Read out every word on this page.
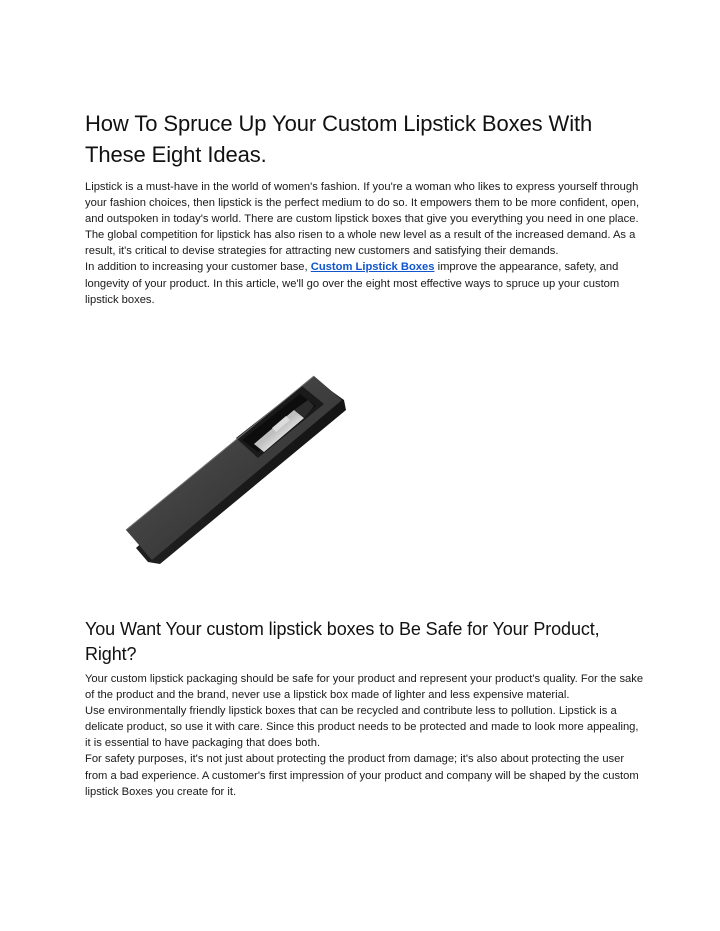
How To Spruce Up Your Custom Lipstick Boxes With These Eight Ideas.

Lipstick is a must-have in the world of women's fashion. If you're a woman who likes to express yourself through your fashion choices, then lipstick is the perfect medium to do so. It empowers them to be more confident, open, and outspoken in today's world. There are custom lipstick boxes that give you everything you need in one place.

The global competition for lipstick has also risen to a whole new level as a result of the increased demand. As a result, it's critical to devise strategies for attracting new customers and satisfying their demands.

In addition to increasing your customer base, Custom Lipstick Boxes improve the appearance, safety, and longevity of your product. In this article, we'll go over the eight most effective ways to spruce up your custom lipstick boxes.

You Want Your custom lipstick boxes to Be Safe for Your Product, Right?

Your custom lipstick packaging should be safe for your product and represent your product's quality. For the sake of the product and the brand, never use a lipstick box made of lighter and less expensive material.

Use environmentally friendly lipstick boxes that can be recycled and contribute less to pollution. Lipstick is a delicate product, so use it with care. Since this product needs to be protected and made to look more appealing, it is essential to have packaging that does both.

For safety purposes, it's not just about protecting the product from damage; it's also about protecting the user from a bad experience. A customer's first impression of your product and company will be shaped by the custom lipstick Boxes you create for it.
